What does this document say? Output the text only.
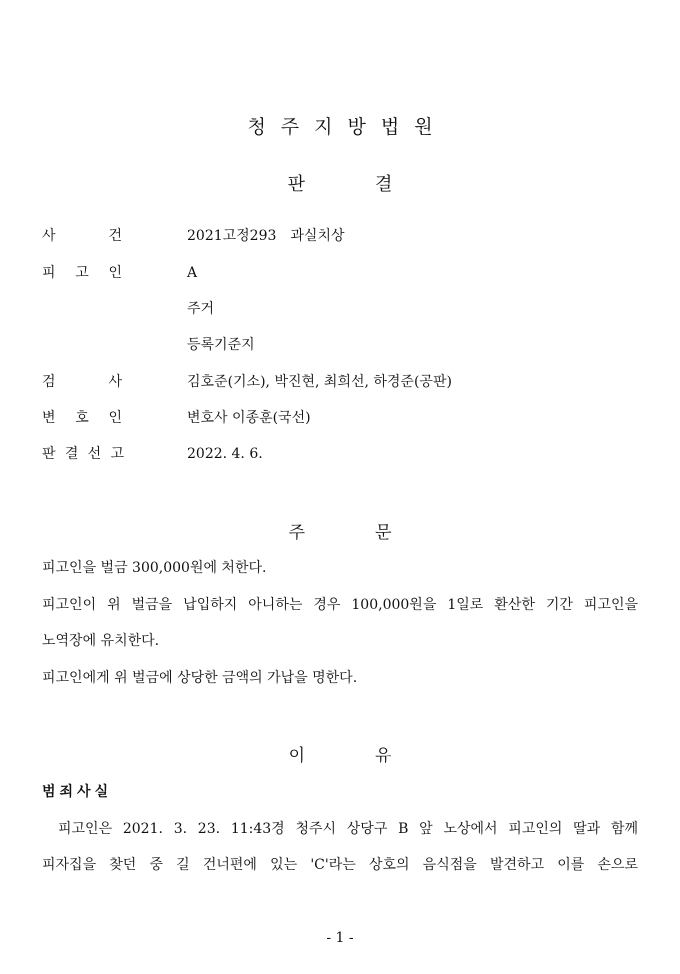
청주지방법원
판	결
사	건	2021고정293　과실치상
피 고 인	A
주거
등록기준지
검	사	김호준(기소), 박진현, 최희선, 하경준(공판)
변 호 인	변호사 이종훈(국선)
판 결 선 고	2022. 4. 6.
주	문
피고인을 벌금 300,000원에 처한다.
피고인이 위 벌금을 납입하지 아니하는 경우 100,000원을 1일로 환산한 기간 피고인을
노역장에 유치한다.
피고인에게 위 벌금에 상당한 금액의 가납을 명한다.
이	유
범죄사실
피고인은 2021. 3. 23. 11:43경 청주시 상당구 B 앞 노상에서 피고인의 딸과 함께
피자집을 찾던 중 길 건너편에 있는 'C'라는 상호의 음식점을 발견하고 이를 손으로
- 1 -
